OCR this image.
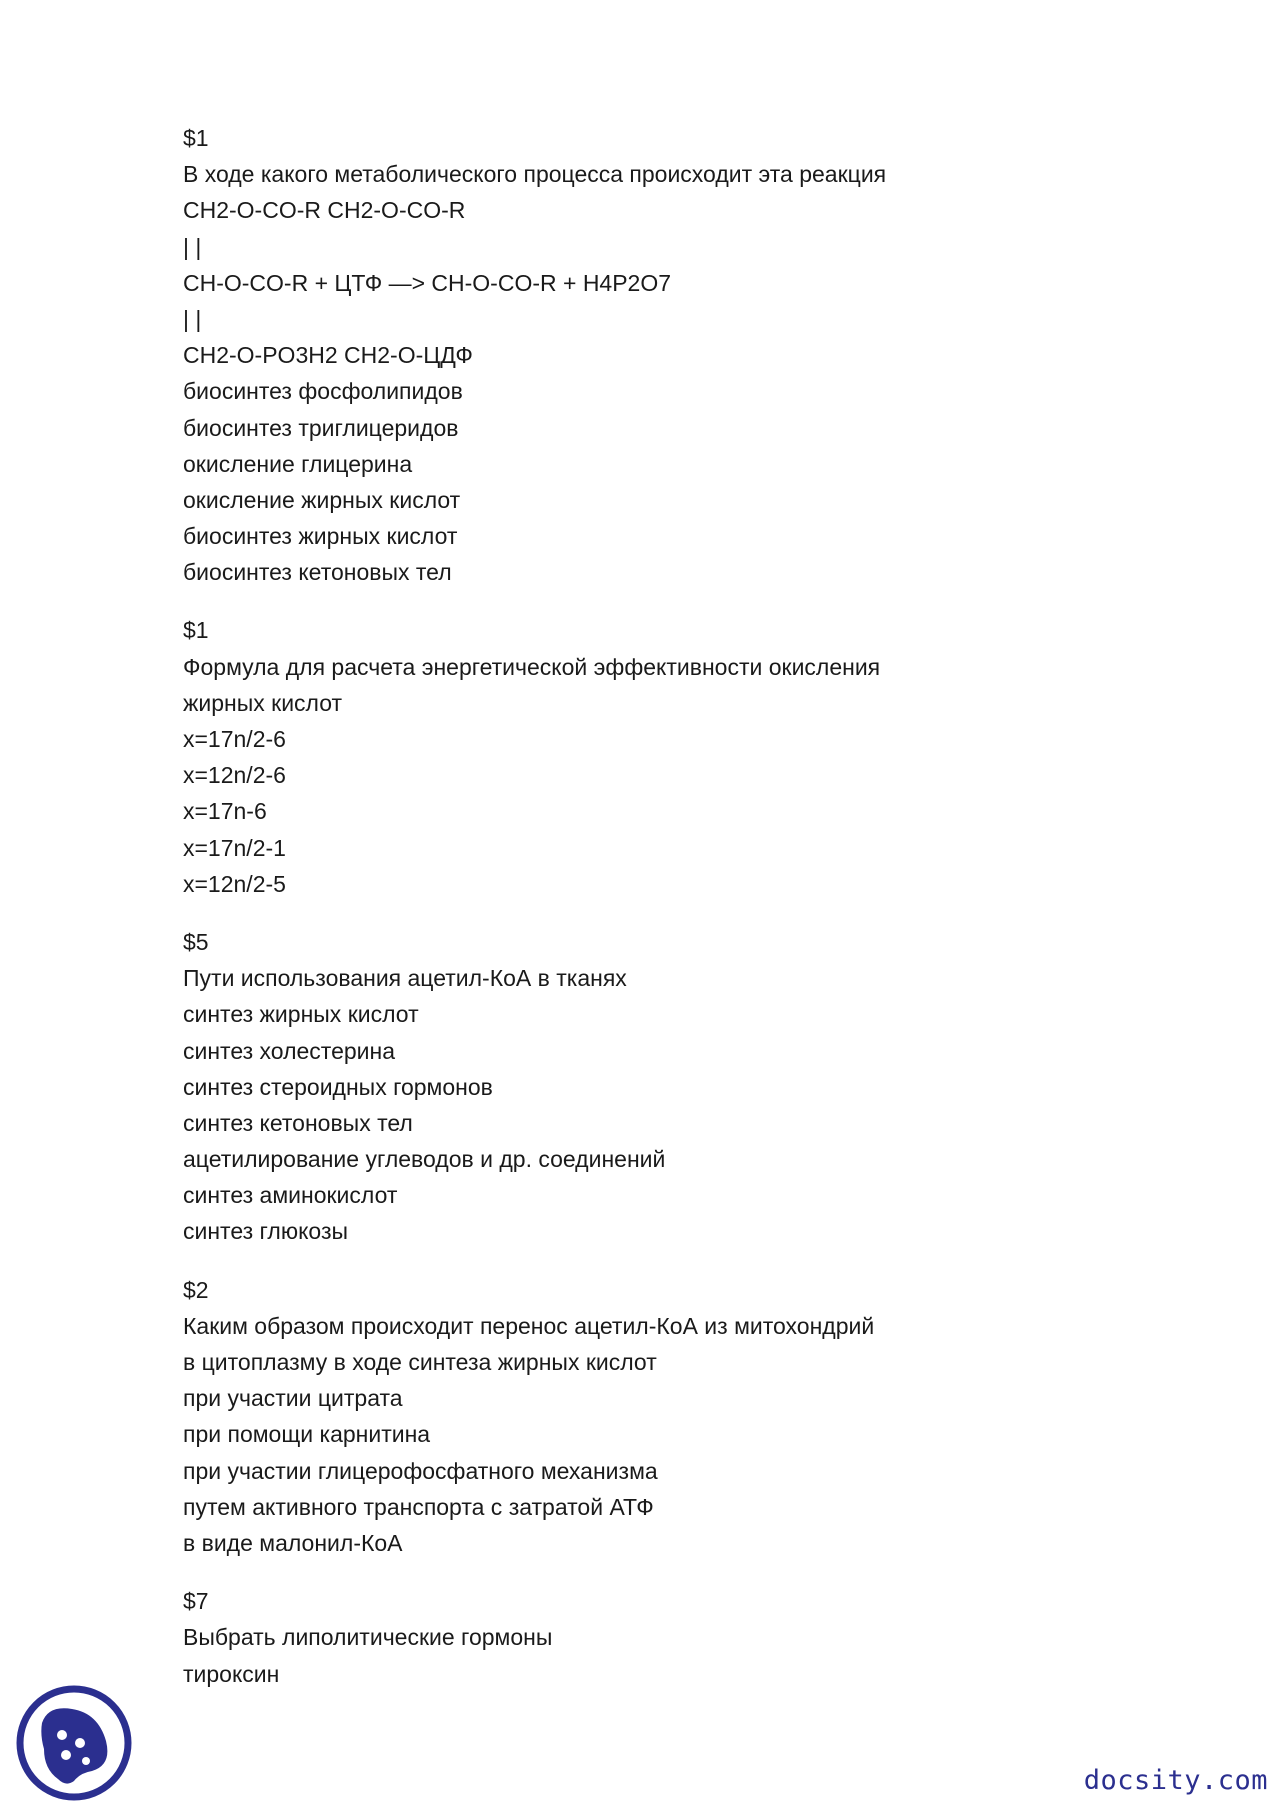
$1
В ходе какого метаболического процесса происходит эта реакция
CH2-O-CO-R CH2-O-CO-R
| |
CH-O-CO-R + ЦТФ —> CH-O-CO-R + H4P2O7
| |
CH2-O-PO3H2 CH2-O-ЦДФ
биосинтез фосфолипидов
биосинтез триглицеридов
окисление глицерина
окисление жирных кислот
биосинтез жирных кислот
биосинтез кетоновых тел
$1
Формула для расчета энергетической эффективности окисления
жирных кислот
x=17n/2-6
x=12n/2-6
x=17n-6
x=17n/2-1
x=12n/2-5
$5
Пути использования ацетил-КоА в тканях
синтез жирных кислот
синтез холестерина
синтез стероидных гормонов
синтез кетоновых тел
ацетилирование углеводов и др. соединений
синтез аминокислот
синтез глюкозы
$2
Каким образом происходит перенос ацетил-КоА из митохондрий
в цитоплазму в ходе синтеза жирных кислот
при участии цитрата
при помощи карнитина
при участии глицерофосфатного механизма
путем активного транспорта с затратой АТФ
в виде малонил-КоА
$7
Выбрать липолитические гормоны
тироксин
docsity.com
